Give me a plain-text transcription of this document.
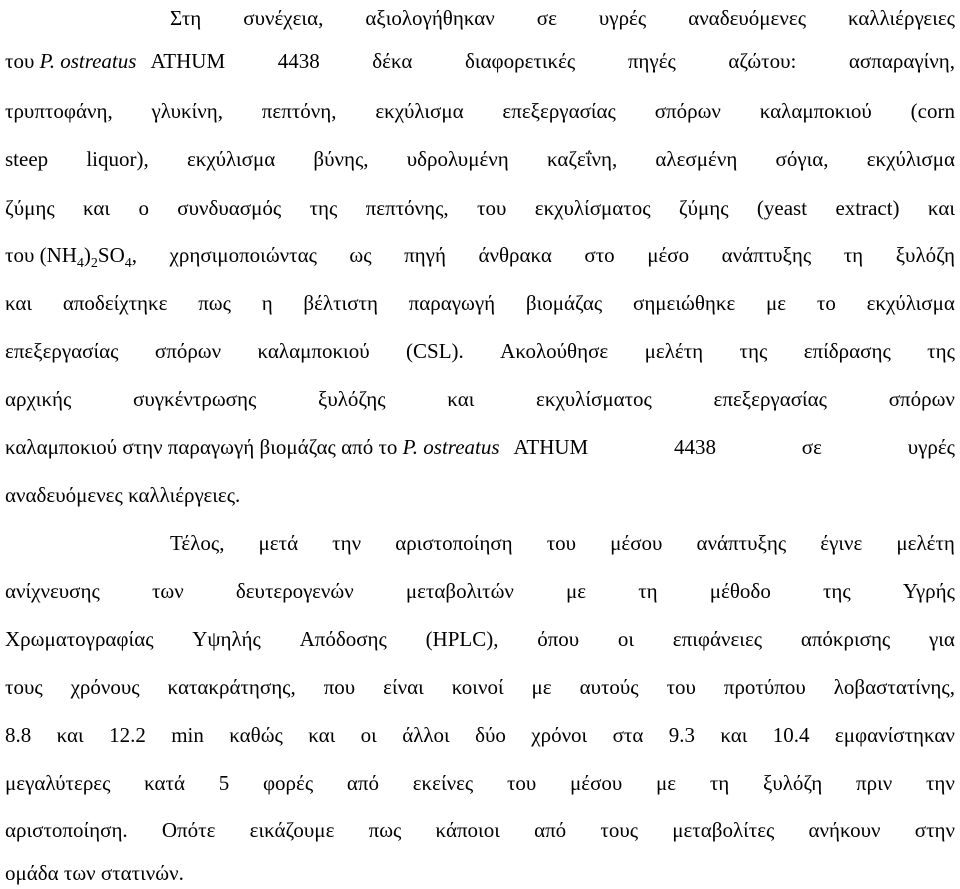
Στη συνέχεια, αξιολογήθηκαν σε υγρές αναδευόμενες καλλιέργειες
του P. ostreatus ATHUM 4438 δέκα διαφορετικές πηγές αζώτου: ασπαραγίνη,
τρυπτοφάνη, γλυκίνη, πεπτόνη, εκχύλισμα επεξεργασίας σπόρων καλαμποκιού (corn
steep liquor), εκχύλισμα βύνης, υδρολυμένη καζεΐνη, αλεσμένη σόγια, εκχύλισμα
ζύμης και ο συνδυασμός της πεπτόνης, του εκχυλίσματος ζύμης (yeast extract) και
του $(NH_4)_2SO_4$ , χρησιμοποιώντας ως πηγή άνθρακα στο μέσο ανάπτυξης τη ξυλόζη
και αποδείχτηκε πως η βέλτιστη παραγωγή βιομάζας σημειώθηκε με το εκχύλισμα
επεξεργασίας σπόρων καλαμποκιού (CSL). Ακολούθησε μελέτη της επίδρασης της
αρχικής	συγκέντρωσης	ξυλόζης	και	εκχυλίσματος	επεξεργασίας	σπόρων
καλαμποκιού στην παραγωγή βιομάζας από το P. ostreatus ATHUM 4438 σε υγρές
αναδευόμενες καλλιέργειες.
Τέλος, μετά την αριστοποίηση του μέσου ανάπτυξης έγινε μελέτη
ανίχνευσης των δευτερογενών μεταβολιτών με τη μέθοδο της Υγρής
Χρωματογραφίας Υψηλής Απόδοσης (HPLC), όπου οι επιφάνειες απόκρισης για
τους χρόνους κατακράτησης, που είναι κοινοί με αυτούς του προτύπου λοβαστατίνης,
8.8 και 12.2 min καθώς και οι άλλοι δύο χρόνοι στα 9.3 και 10.4 εμφανίστηκαν
μεγαλύτερες κατά 5 φορές από εκείνες του μέσου με τη ξυλόζη πριν την
αριστοποίηση. Οπότε εικάζουμε πως κάποιοι από τους μεταβολίτες ανήκουν στην
ομάδα των στατινών.
